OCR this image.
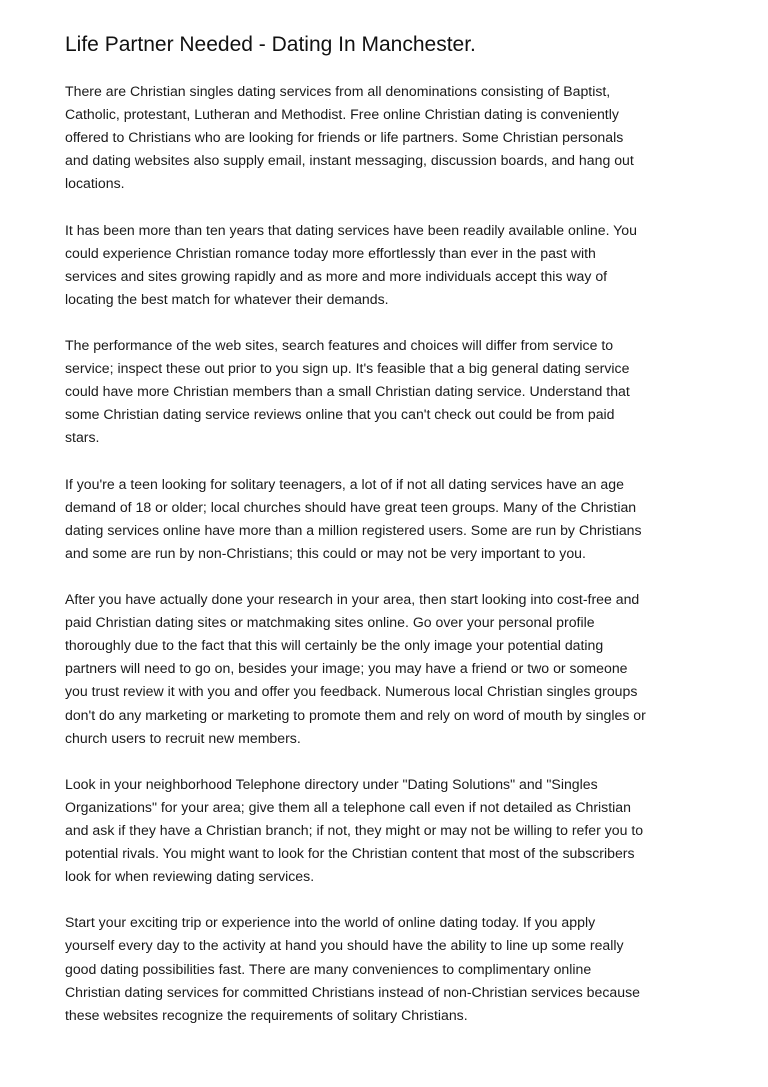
Life Partner Needed - Dating In Manchester.

There are Christian singles dating services from all denominations consisting of Baptist,
Catholic, protestant, Lutheran and Methodist. Free online Christian dating is conveniently
offered to Christians who are looking for friends or life partners. Some Christian personals
and dating websites also supply email, instant messaging, discussion boards, and hang out
locations.

It has been more than ten years that dating services have been readily available online. You
could experience Christian romance today more effortlessly than ever in the past with
services and sites growing rapidly and as more and more individuals accept this way of
locating the best match for whatever their demands.

The performance of the web sites, search features and choices will differ from service to
service; inspect these out prior to you sign up. It's feasible that a big general dating service
could have more Christian members than a small Christian dating service. Understand that
some Christian dating service reviews online that you can't check out could be from paid
stars.

If you're a teen looking for solitary teenagers, a lot of if not all dating services have an age
demand of 18 or older; local churches should have great teen groups. Many of the Christian
dating services online have more than a million registered users. Some are run by Christians
and some are run by non-Christians; this could or may not be very important to you.

After you have actually done your research in your area, then start looking into cost-free and
paid Christian dating sites or matchmaking sites online. Go over your personal profile
thoroughly due to the fact that this will certainly be the only image your potential dating
partners will need to go on, besides your image; you may have a friend or two or someone
you trust review it with you and offer you feedback. Numerous local Christian singles groups
don't do any marketing or marketing to promote them and rely on word of mouth by singles or
church users to recruit new members.

Look in your neighborhood Telephone directory under "Dating Solutions" and "Singles
Organizations" for your area; give them all a telephone call even if not detailed as Christian
and ask if they have a Christian branch; if not, they might or may not be willing to refer you to
potential rivals. You might want to look for the Christian content that most of the subscribers
look for when reviewing dating services.

Start your exciting trip or experience into the world of online dating today. If you apply
yourself every day to the activity at hand you should have the ability to line up some really
good dating possibilities fast. There are many conveniences to complimentary online
Christian dating services for committed Christians instead of non-Christian services because
these websites recognize the requirements of solitary Christians.
